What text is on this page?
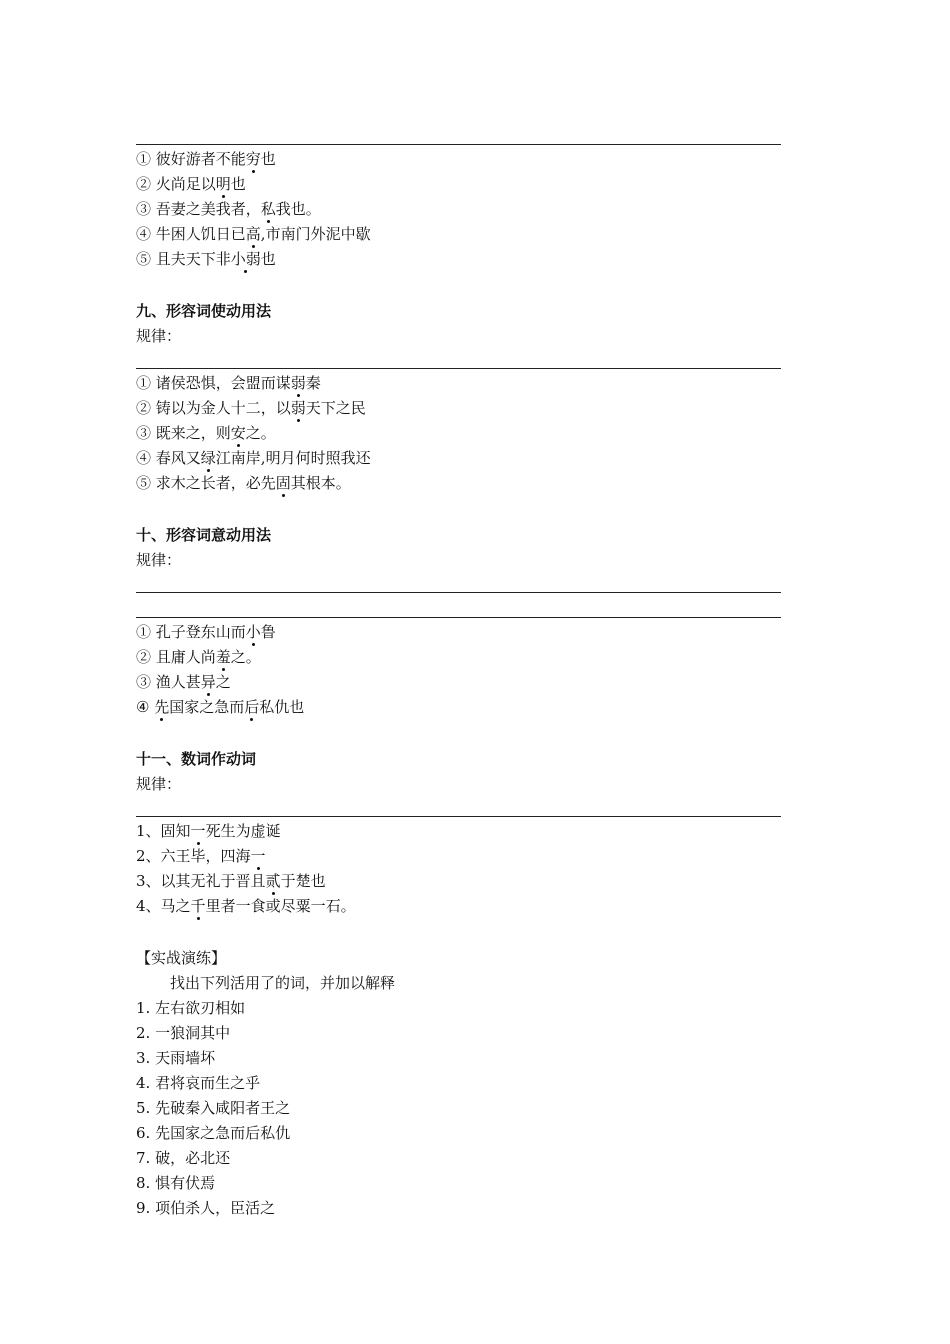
① 彼好游者不能穷也
② 火尚足以明也
③ 吾妻之美我者，私我也。
④ 牛困人饥日已高,市南门外泥中歇
⑤ 且夫天下非小弱也
九、形容词使动用法
规律：
① 诸侯恐惧，会盟而谋弱秦
② 铸以为金人十二，以弱天下之民
③ 既来之，则安之。
④ 春风又绿江南岸,明月何时照我还
⑤ 求木之长者，必先固其根本。
十、形容词意动用法
规律：
① 孔子登东山而小鲁
② 且庸人尚羞之。
③ 渔人甚异之
④ 先国家之急而后私仇也
十一、数词作动词
规律：
1、固知一死生为虚诞
2、六王毕，四海一
3、以其无礼于晋且贰于楚也
4、马之千里者一食或尽粟一石。
【实战演练】
找出下列活用了的词，并加以解释
1. 左右欲刃相如
2. 一狼洞其中
3. 天雨墙坏
4. 君将哀而生之乎
5. 先破秦入咸阳者王之
6. 先国家之急而后私仇
7. 破，必北还
8. 惧有伏焉
9. 项伯杀人，臣活之
